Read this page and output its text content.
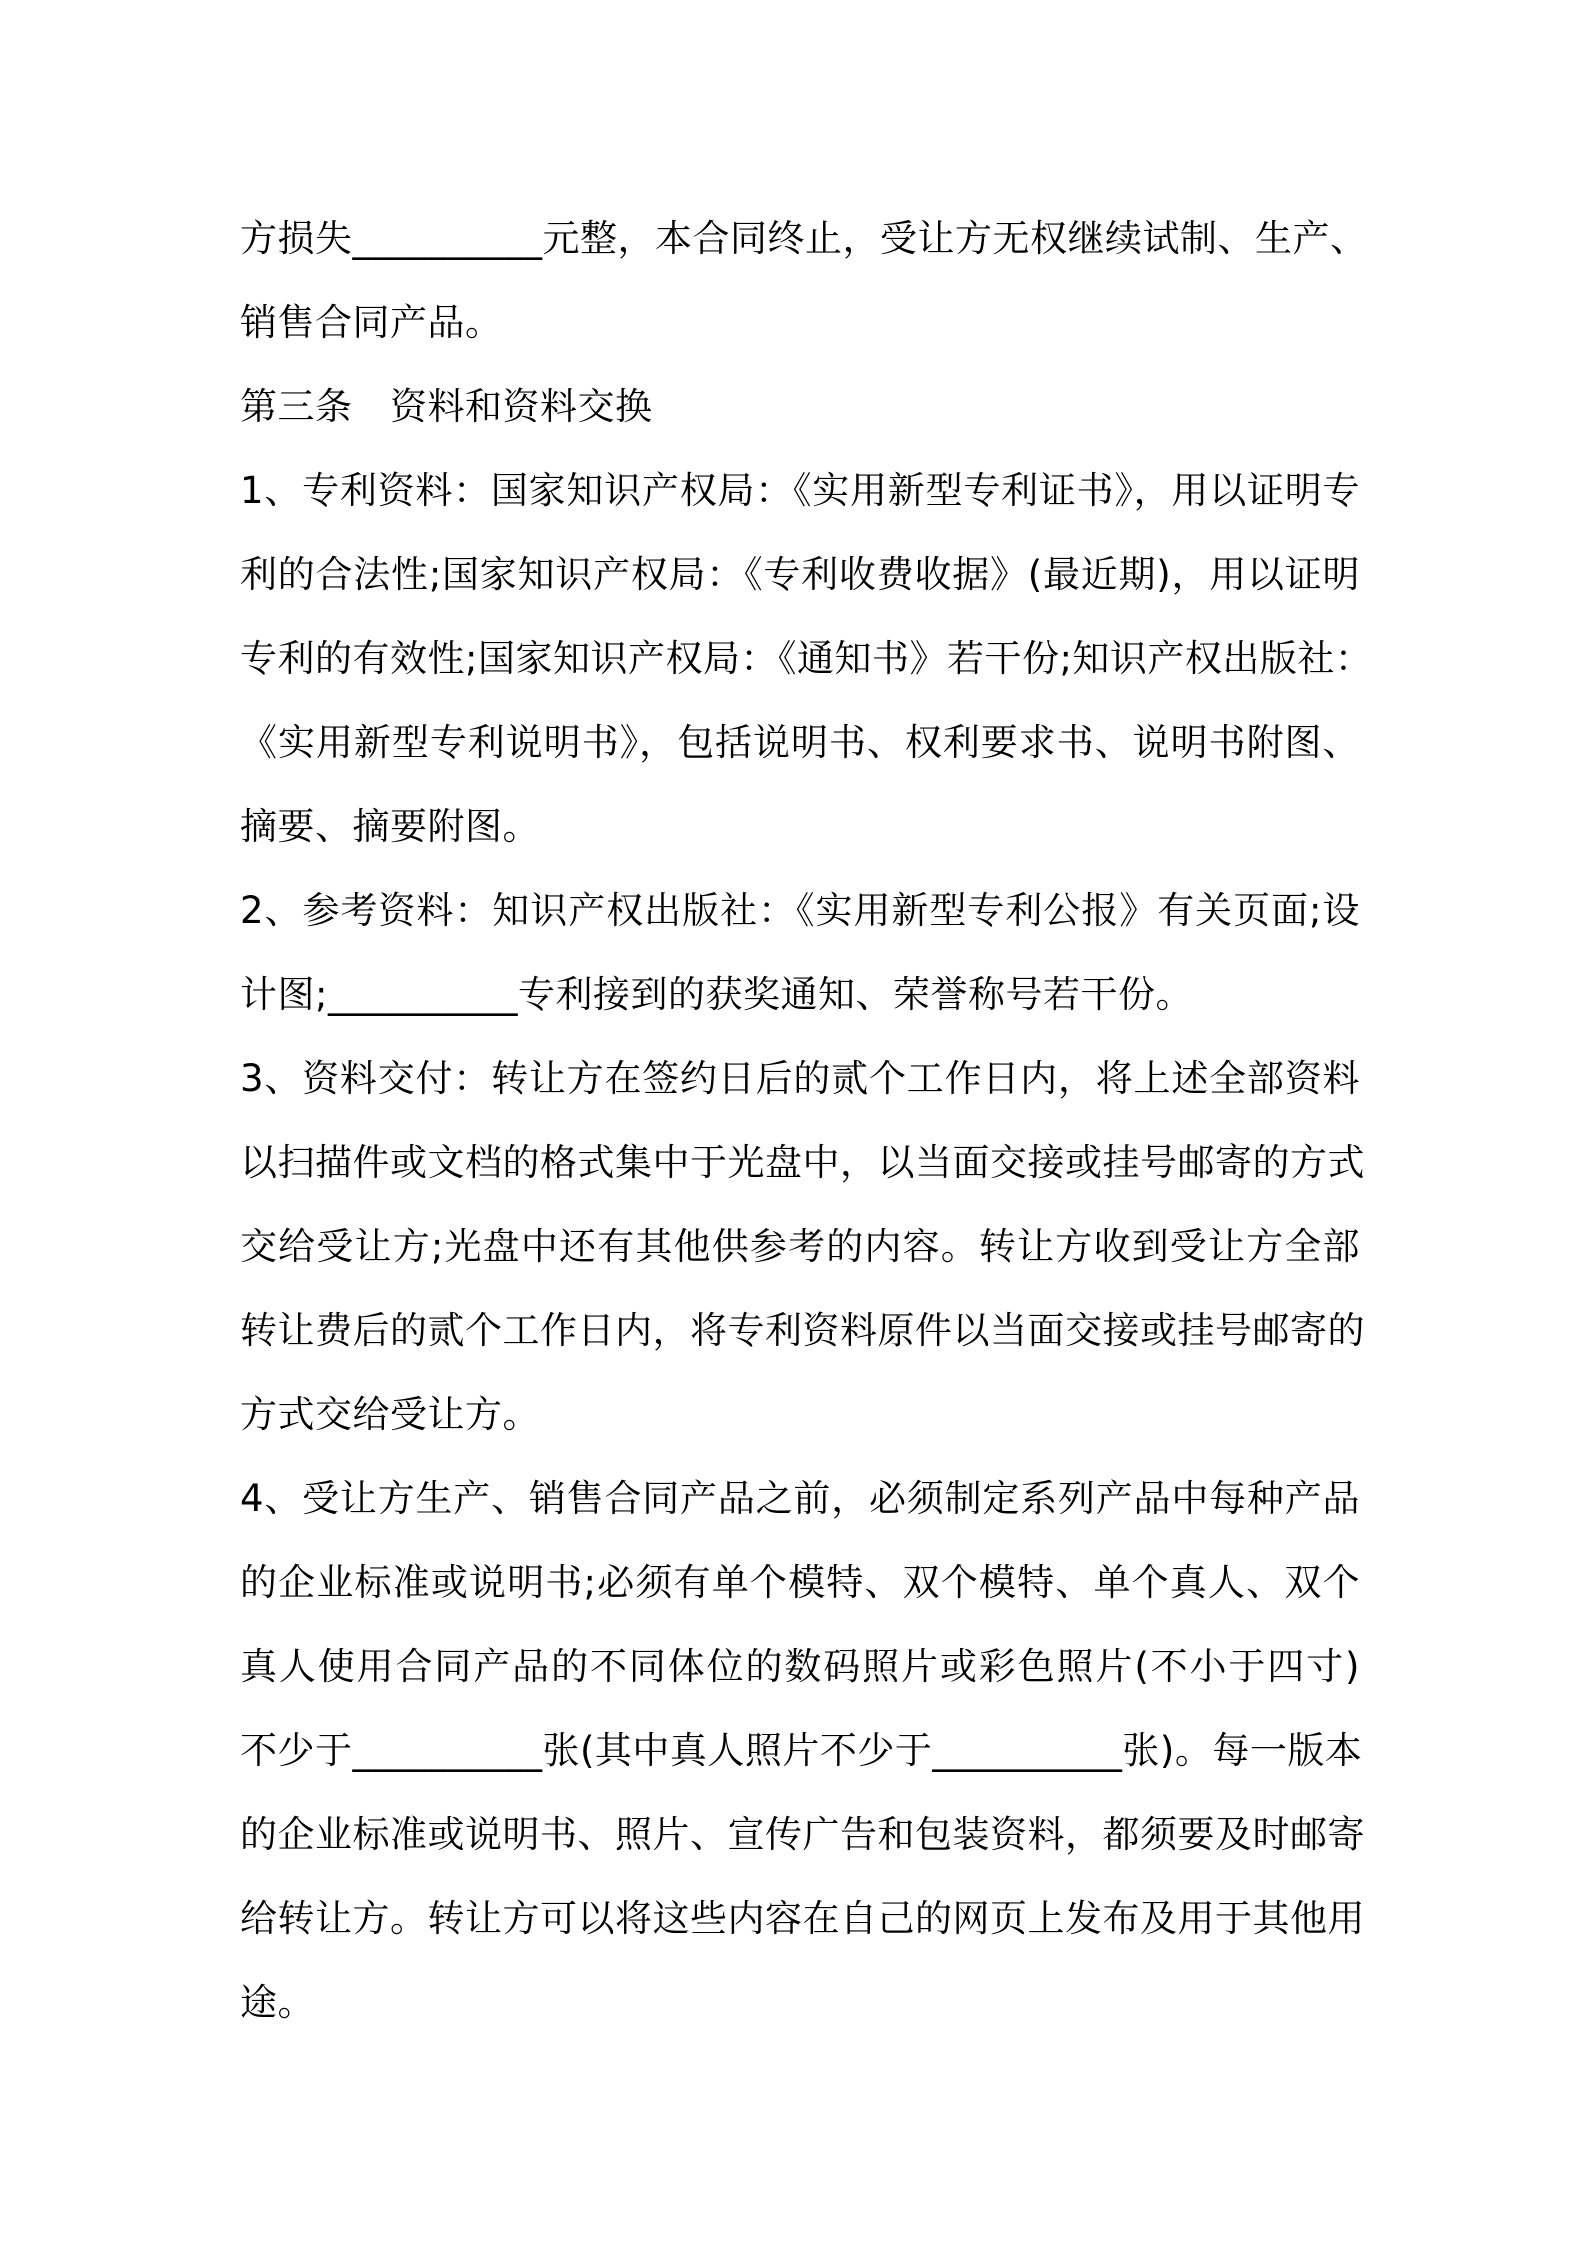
方损失__________元整，本合同终止，受让方无权继续试制、生产、
销售合同产品。
第三条　资料和资料交换
1、专利资料：国家知识产权局：《实用新型专利证书》，用以证明专
利的合法性;国家知识产权局：《专利收费收据》(最近期)，用以证明
专利的有效性;国家知识产权局：《通知书》若干份;知识产权出版社：
《实用新型专利说明书》，包括说明书、权利要求书、说明书附图、
摘要、摘要附图。
2、参考资料：知识产权出版社：《实用新型专利公报》有关页面;设
计图;__________专利接到的获奖通知、荣誉称号若干份。
3、资料交付：转让方在签约日后的贰个工作日内，将上述全部资料
以扫描件或文档的格式集中于光盘中，以当面交接或挂号邮寄的方式
交给受让方;光盘中还有其他供参考的内容。转让方收到受让方全部
转让费后的贰个工作日内，将专利资料原件以当面交接或挂号邮寄的
方式交给受让方。
4、受让方生产、销售合同产品之前，必须制定系列产品中每种产品
的企业标准或说明书;必须有单个模特、双个模特、单个真人、双个
真人使用合同产品的不同体位的数码照片或彩色照片(不小于四寸)
不少于__________张(其中真人照片不少于__________张)。每一版本
的企业标准或说明书、照片、宣传广告和包装资料，都须要及时邮寄
给转让方。转让方可以将这些内容在自己的网页上发布及用于其他用
途。
